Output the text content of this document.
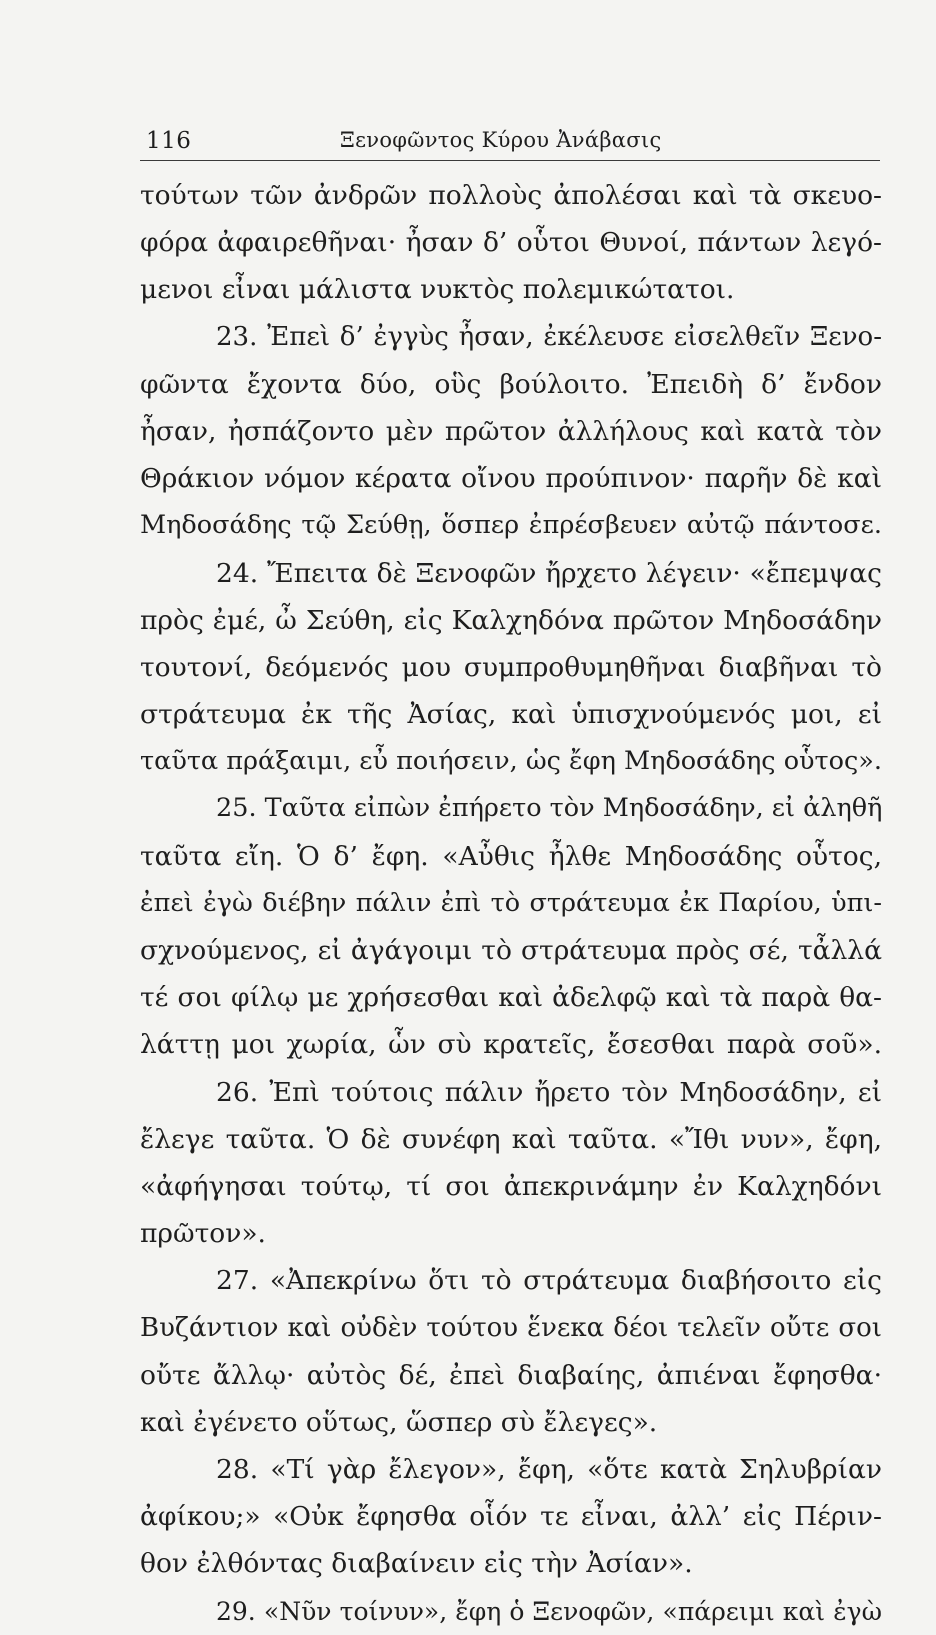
116	Ξενοφῶντος Κύρου Ἀνάβασις
τούτων τῶν ἀνδρῶν πολλοὺς ἀπολέσαι καὶ τὰ σκευο-
φόρα ἀφαιρεθῆναι· ἦσαν δ’ οὗτοι Θυνοί, πάντων λεγό-
μενοι εἶναι μάλιστα νυκτὸς πολεμικώτατοι.
23. Ἐπεὶ δ’ ἐγγὺς ἦσαν, ἐκέλευσε εἰσελθεῖν Ξενο-
φῶντα ἔχοντα δύο, οὓς βούλοιτο. Ἐπειδὴ δ’ ἔνδον
ἦσαν, ἠσπάζοντο μὲν πρῶτον ἀλλήλους καὶ κατὰ τὸν
Θράκιον νόμον κέρατα οἴνου προύπινον· παρῆν δὲ καὶ
Μηδοσάδης τῷ Σεύθῃ, ὅσπερ ἐπρέσβευεν αὐτῷ πάντοσε.
24. Ἔπειτα δὲ Ξενοφῶν ἤρχετο λέγειν· «ἔπεμψας
πρὸς ἐμέ, ὦ Σεύθη, εἰς Καλχηδόνα πρῶτον Μηδοσάδην
τουτονί, δεόμενός μου συμπροθυμηθῆναι διαβῆναι τὸ
στράτευμα ἐκ τῆς Ἀσίας, καὶ ὑπισχνούμενός μοι, εἰ
ταῦτα πράξαιμι, εὖ ποιήσειν, ὡς ἔφη Μηδοσάδης οὗτος».
25. Ταῦτα εἰπὼν ἐπήρετο τὸν Μηδοσάδην, εἰ ἀληθῆ
ταῦτα εἴη. Ὁ δ’ ἔφη. «Αὖθις ἦλθε Μηδοσάδης οὗτος,
ἐπεὶ ἐγὼ διέβην πάλιν ἐπὶ τὸ στράτευμα ἐκ Παρίου, ὑπι-
σχνούμενος, εἰ ἀγάγοιμι τὸ στράτευμα πρὸς σέ, τἆλλά
τέ σοι φίλῳ με χρήσεσθαι καὶ ἀδελφῷ καὶ τὰ παρὰ θα-
λάττῃ μοι χωρία, ὧν σὺ κρατεῖς, ἔσεσθαι παρὰ σοῦ».
26. Ἐπὶ τούτοις πάλιν ἤρετο τὸν Μηδοσάδην, εἰ
ἔλεγε ταῦτα. Ὁ δὲ συνέφη καὶ ταῦτα. «Ἴθι νυν», ἔφη,
«ἀφήγησαι τούτῳ, τί σοι ἀπεκρινάμην ἐν Καλχηδόνι
πρῶτον».
27. «Ἀπεκρίνω ὅτι τὸ στράτευμα διαβήσοιτο εἰς
Βυζάντιον καὶ οὐδὲν τούτου ἕνεκα δέοι τελεῖν οὔτε σοι
οὔτε ἄλλῳ· αὐτὸς δέ, ἐπεὶ διαβαίης, ἀπιέναι ἔφησθα·
καὶ ἐγένετο οὕτως, ὥσπερ σὺ ἔλεγες».
28. «Τί γὰρ ἔλεγον», ἔφη, «ὅτε κατὰ Σηλυβρίαν
ἀφίκου;» «Οὐκ ἔφησθα οἷόν τε εἶναι, ἀλλ’ εἰς Πέριν-
θον ἐλθόντας διαβαίνειν εἰς τὴν Ἀσίαν».
29. «Νῦν τοίνυν», ἔφη ὁ Ξενοφῶν, «πάρειμι καὶ ἐγὼ
